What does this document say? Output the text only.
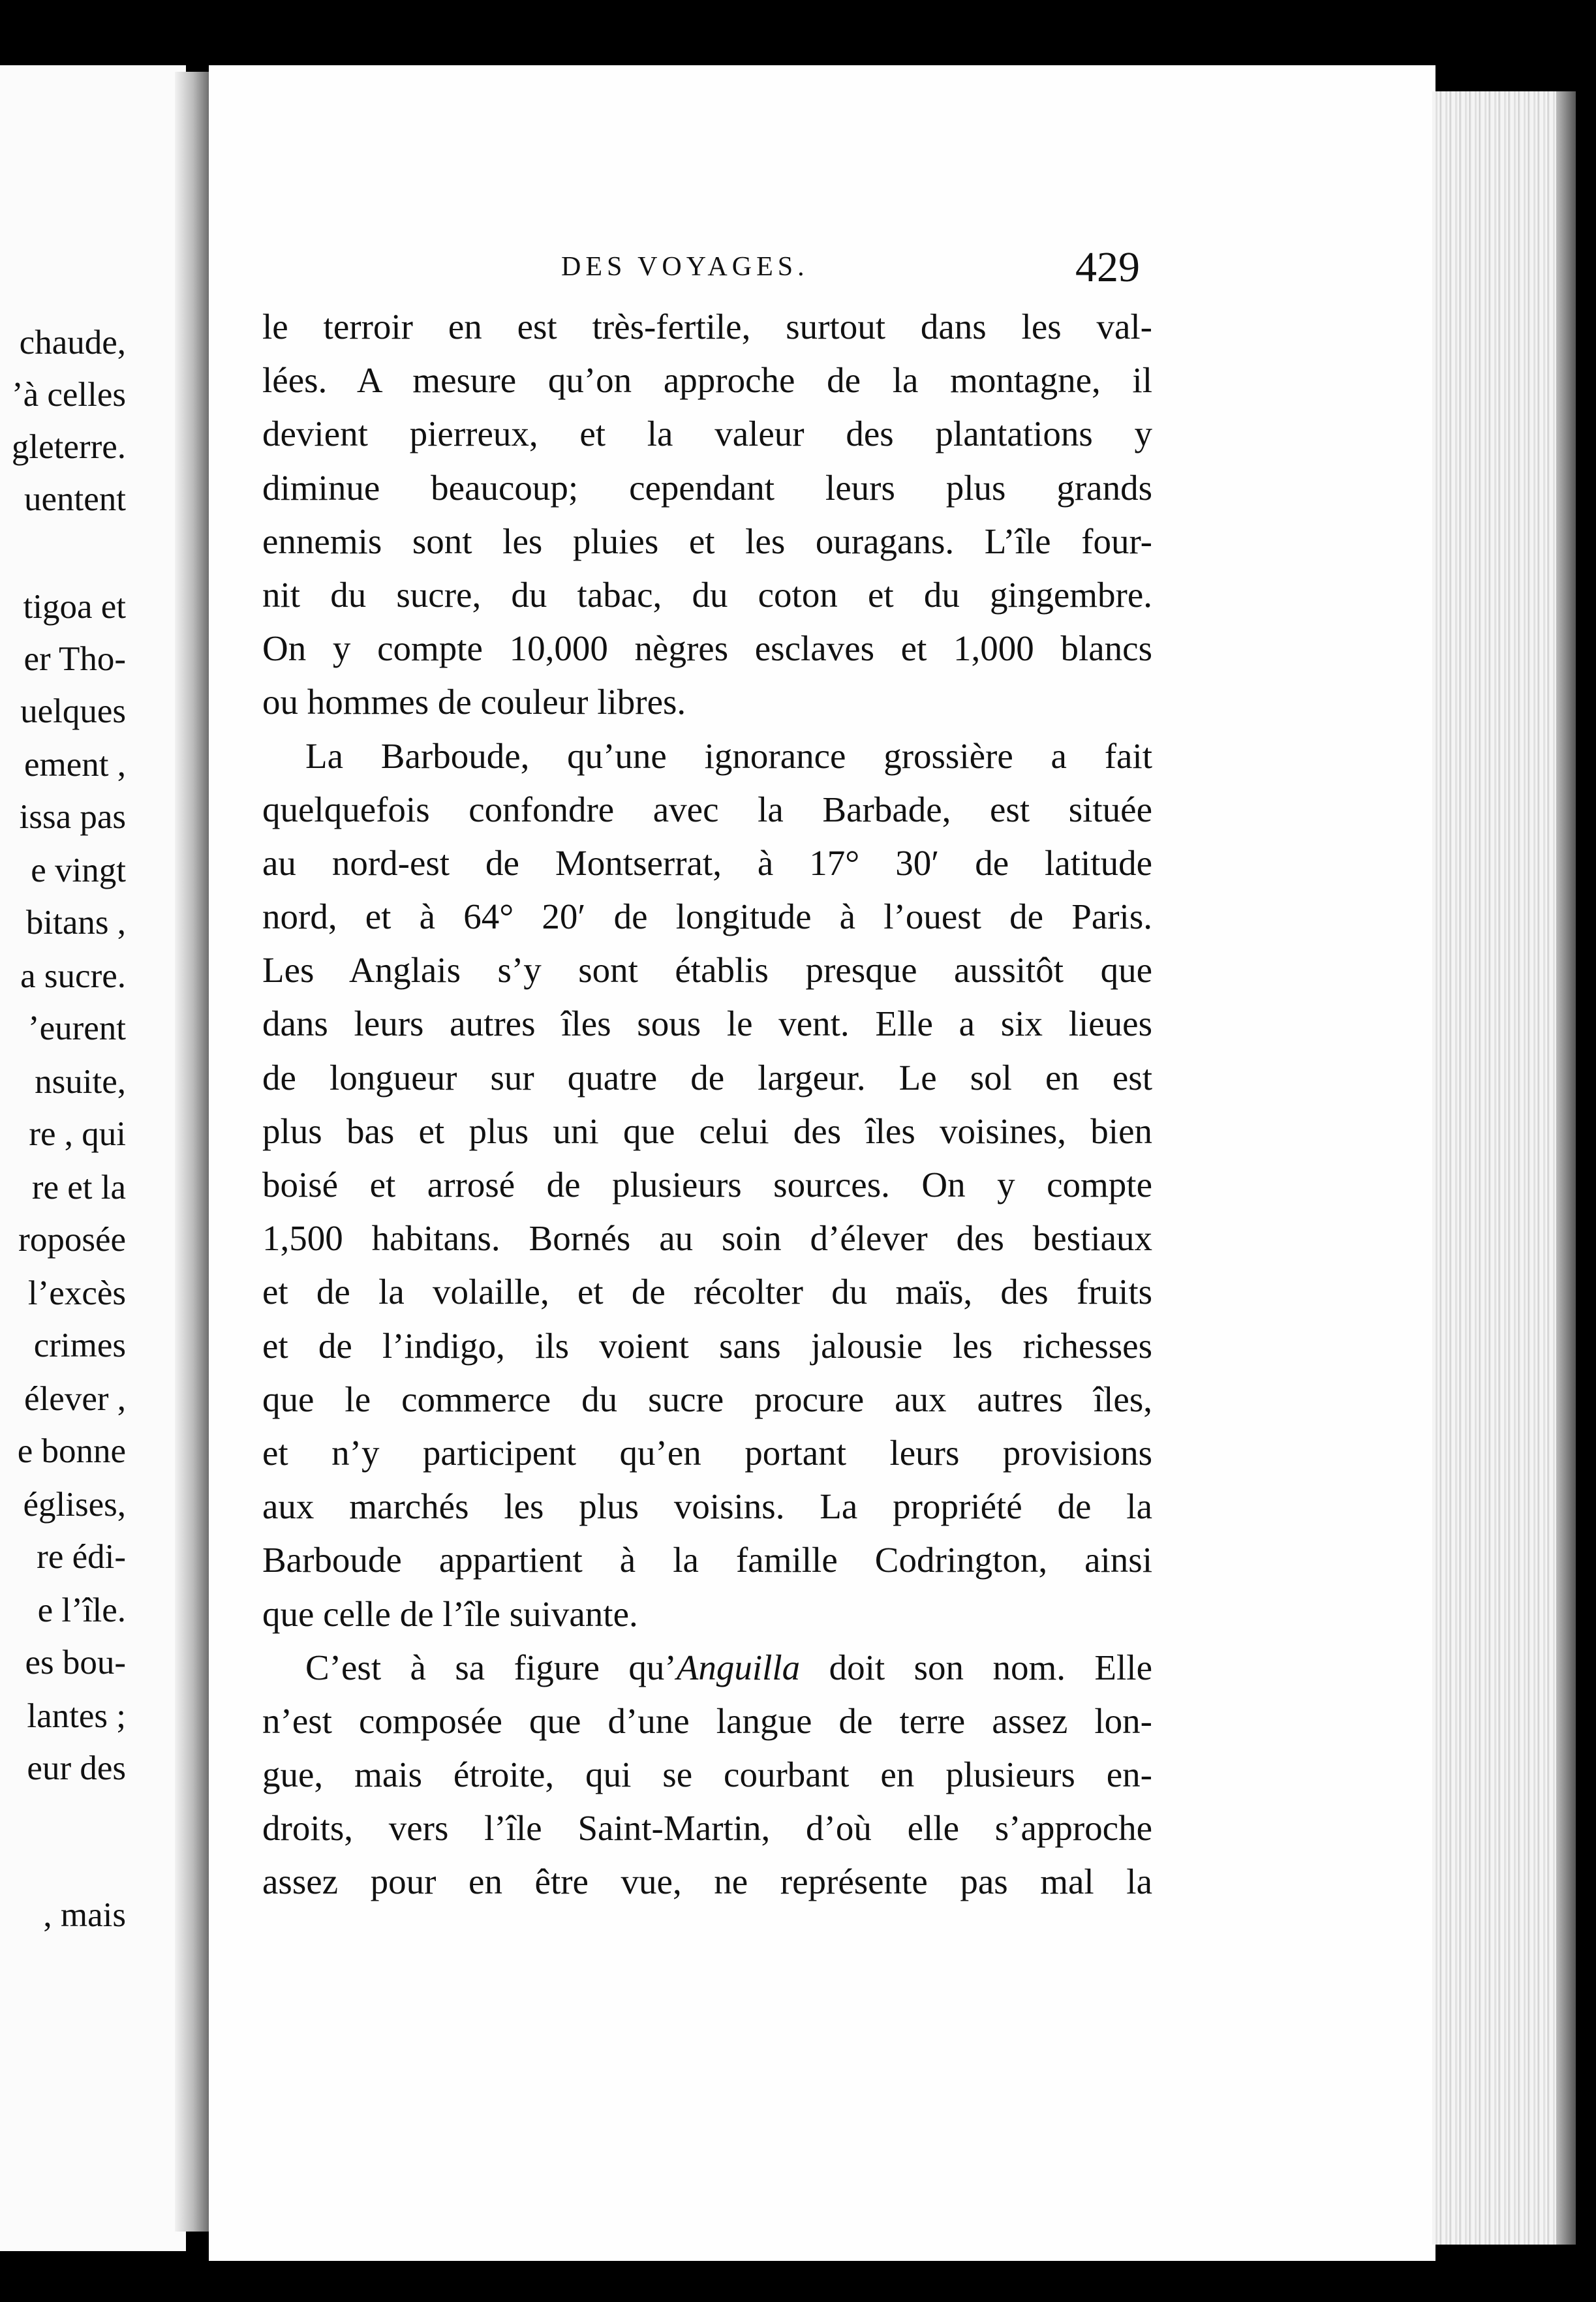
chaude,
’à celles
gleterre.
uentent
tigoa et
er Tho-
uelques
ement ,
issa pas
e vingt
bitans ,
a sucre.
’eurent
nsuite,
re , qui
re et la
roposée
l’excès
crimes
élever ,
e bonne
églises,
re édi-
e l’île.
es bou-
lantes ;
eur des
, mais
DES VOYAGES.	429
le terroir en est très-fertile, surtout dans les val-
lées. A mesure qu’on approche de la montagne, il
devient pierreux, et la valeur des plantations y
diminue beaucoup; cependant leurs plus grands
ennemis sont les pluies et les ouragans. L’île four-
nit du sucre, du tabac, du coton et du gingembre.
On y compte 10,000 nègres esclaves et 1,000 blancs
ou hommes de couleur libres.
La Barboude, qu’une ignorance grossière a fait
quelquefois confondre avec la Barbade, est située
au nord-est de Montserrat, à 17° 30′ de latitude
nord, et à 64° 20′ de longitude à l’ouest de Paris.
Les Anglais s’y sont établis presque aussitôt que
dans leurs autres îles sous le vent. Elle a six lieues
de longueur sur quatre de largeur. Le sol en est
plus bas et plus uni que celui des îles voisines, bien
boisé et arrosé de plusieurs sources. On y compte
1,500 habitans. Bornés au soin d’élever des bestiaux
et de la volaille, et de récolter du maïs, des fruits
et de l’indigo, ils voient sans jalousie les richesses
que le commerce du sucre procure aux autres îles,
et n’y participent qu’en portant leurs provisions
aux marchés les plus voisins. La propriété de la
Barboude appartient à la famille Codrington, ainsi
que celle de l’île suivante.
C’est à sa figure qu’Anguilla doit son nom. Elle
n’est composée que d’une langue de terre assez lon-
gue, mais étroite, qui se courbant en plusieurs en-
droits, vers l’île Saint-Martin, d’où elle s’approche
assez pour en être vue, ne représente pas mal la
